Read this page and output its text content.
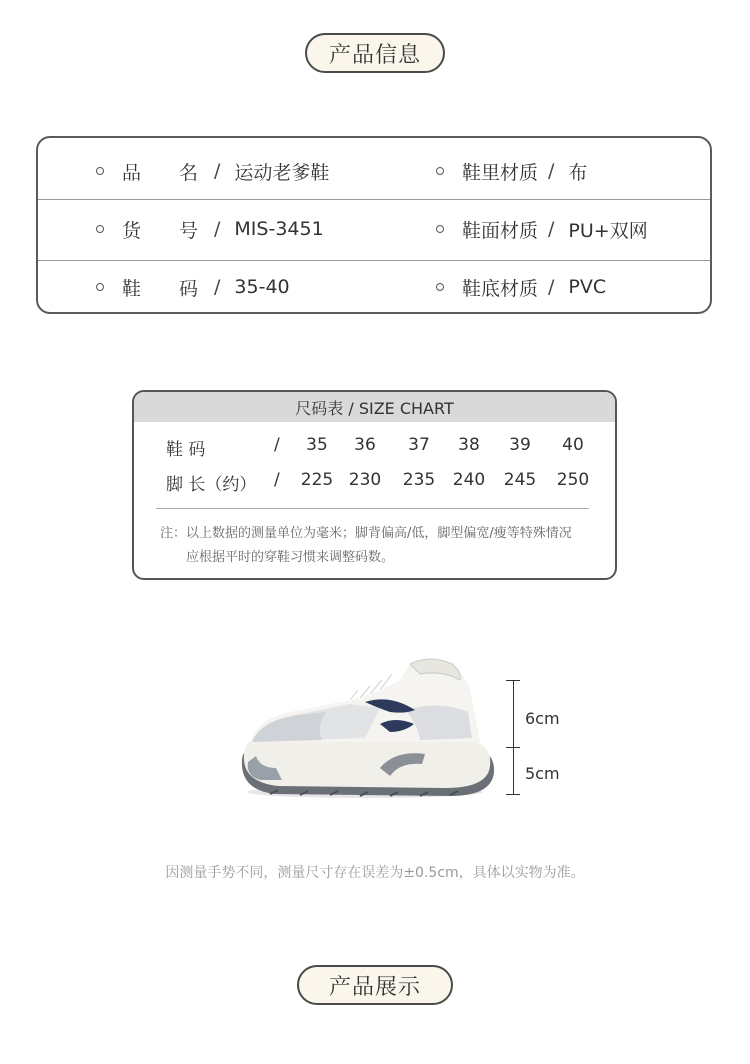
产品信息
品　　名 / 运动老爹鞋	鞋里材质 / 布
货　　号 / MIS-3451	鞋面材质 / PU+双网
鞋　　码 / 35-40	鞋底材质 / PVC
尺码表 / SIZE CHART
鞋 码	/	35	36	37	38	39	40
脚 长（约） / 225 230 235 240 245 250
注：以上数据的测量单位为毫米；脚背偏高/低，脚型偏宽/瘦等特殊情况
应根据平时的穿鞋习惯来调整码数。
6cm
5cm
因测量手势不同，测量尺寸存在误差为±0.5cm，具体以实物为准。
产品展示
